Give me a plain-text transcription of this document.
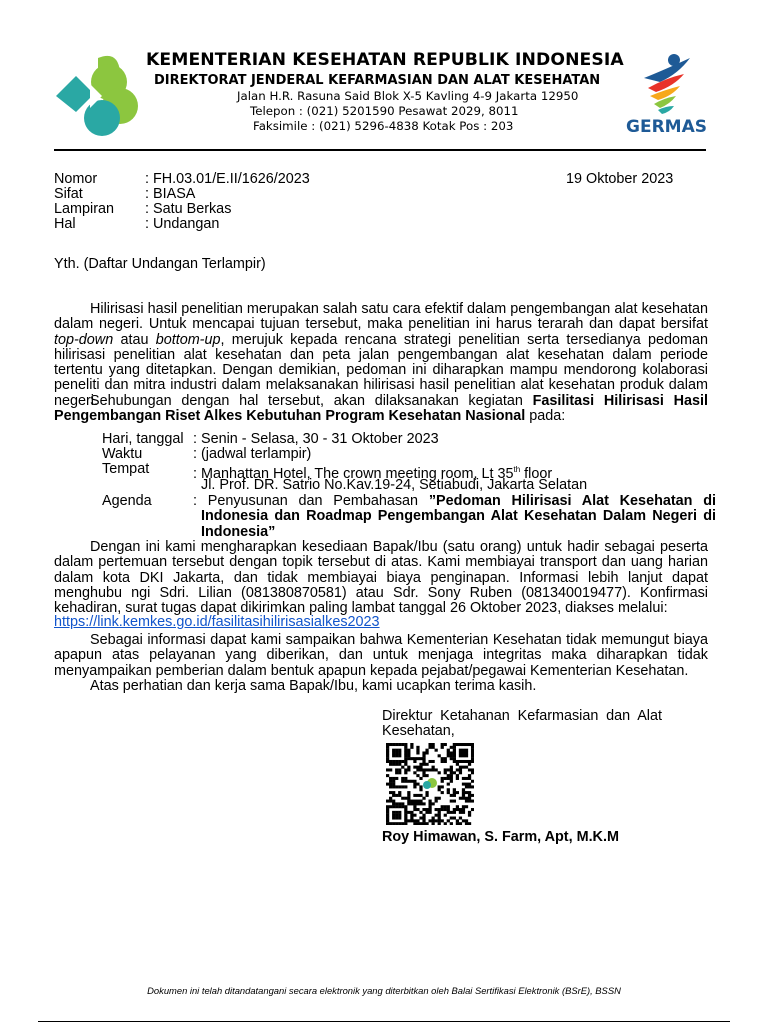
KEMENTERIAN KESEHATAN REPUBLIK INDONESIA
DIREKTORAT JENDERAL KEFARMASIAN DAN ALAT KESEHATAN
Jalan H.R. Rasuna Said Blok X-5 Kavling 4-9 Jakarta 12950
Telepon : (021) 5201590 Pesawat 2029, 8011
Faksimile : (021) 5296-4838 Kotak Pos : 203	GERMAS
Nomor	: FH.03.01/E.II/1626/2023	19 Oktober 2023
Sifat	: BIASA
Lampiran : Satu Berkas
Hal	: Undangan
Yth. (Daftar Undangan Terlampir)
Hilirisasi hasil penelitian merupakan salah satu cara efektif dalam pengembangan alat kesehatan dalam negeri. Untuk mencapai tujuan tersebut, maka penelitian ini harus terarah dan dapat bersifat top-down atau bottom-up, merujuk kepada rencana strategi penelitian serta tersedianya pedoman hilirisasi penelitian alat kesehatan dan peta jalan pengembangan alat kesehatan dalam periode tertentu yang ditetapkan. Dengan demikian, pedoman ini diharapkan mampu mendorong kolaborasi peneliti dan mitra industri dalam melaksanakan hilirisasi hasil penelitian alat kesehatan produk dalam negeri.
Sehubungan dengan hal tersebut, akan dilaksanakan kegiatan Fasilitasi Hilirisasi Hasil Pengembangan Riset Alkes Kebutuhan Program Kesehatan Nasional pada:
Hari, tanggal : Senin - Selasa, 30 - 31 Oktober 2023
Waktu	: (jadwal terlampir)
Tempat	: Manhattan Hotel, The crown meeting room, Lt 35th floor
Jl. Prof. DR. Satrio No.Kav.19-24, Setiabudi, Jakarta Selatan
Agenda	: Penyusunan dan Pembahasan ”Pedoman Hilirisasi Alat Kesehatan di Indonesia dan Roadmap Pengembangan Alat Kesehatan Dalam Negeri di Indonesia”
Dengan ini kami mengharapkan kesediaan Bapak/Ibu (satu orang) untuk hadir sebagai peserta dalam pertemuan tersebut dengan topik tersebut di atas. Kami membiayai transport dan uang harian dalam kota DKI Jakarta, dan tidak membiayai biaya penginapan. Informasi lebih lanjut dapat menghubu ngi Sdri. Lilian (081380870581) atau Sdr. Sony Ruben (081340019477). Konfirmasi kehadiran, surat tugas dapat dikirimkan paling lambat tanggal 26 Oktober 2023, diakses melalui:
https://link.kemkes.go.id/fasilitasihilirisasialkes2023
Sebagai informasi dapat kami sampaikan bahwa Kementerian Kesehatan tidak memungut biaya apapun atas pelayanan yang diberikan, dan untuk menjaga integritas maka diharapkan tidak menyampaikan pemberian dalam bentuk apapun kepada pejabat/pegawai Kementerian Kesehatan.
Atas perhatian dan kerja sama Bapak/Ibu, kami ucapkan terima kasih.
Direktur Ketahanan Kefarmasian dan Alat Kesehatan,
Roy Himawan, S. Farm, Apt, M.K.M
Dokumen ini telah ditandatangani secara elektronik yang diterbitkan oleh Balai Sertifikasi Elektronik (BSrE), BSSN
